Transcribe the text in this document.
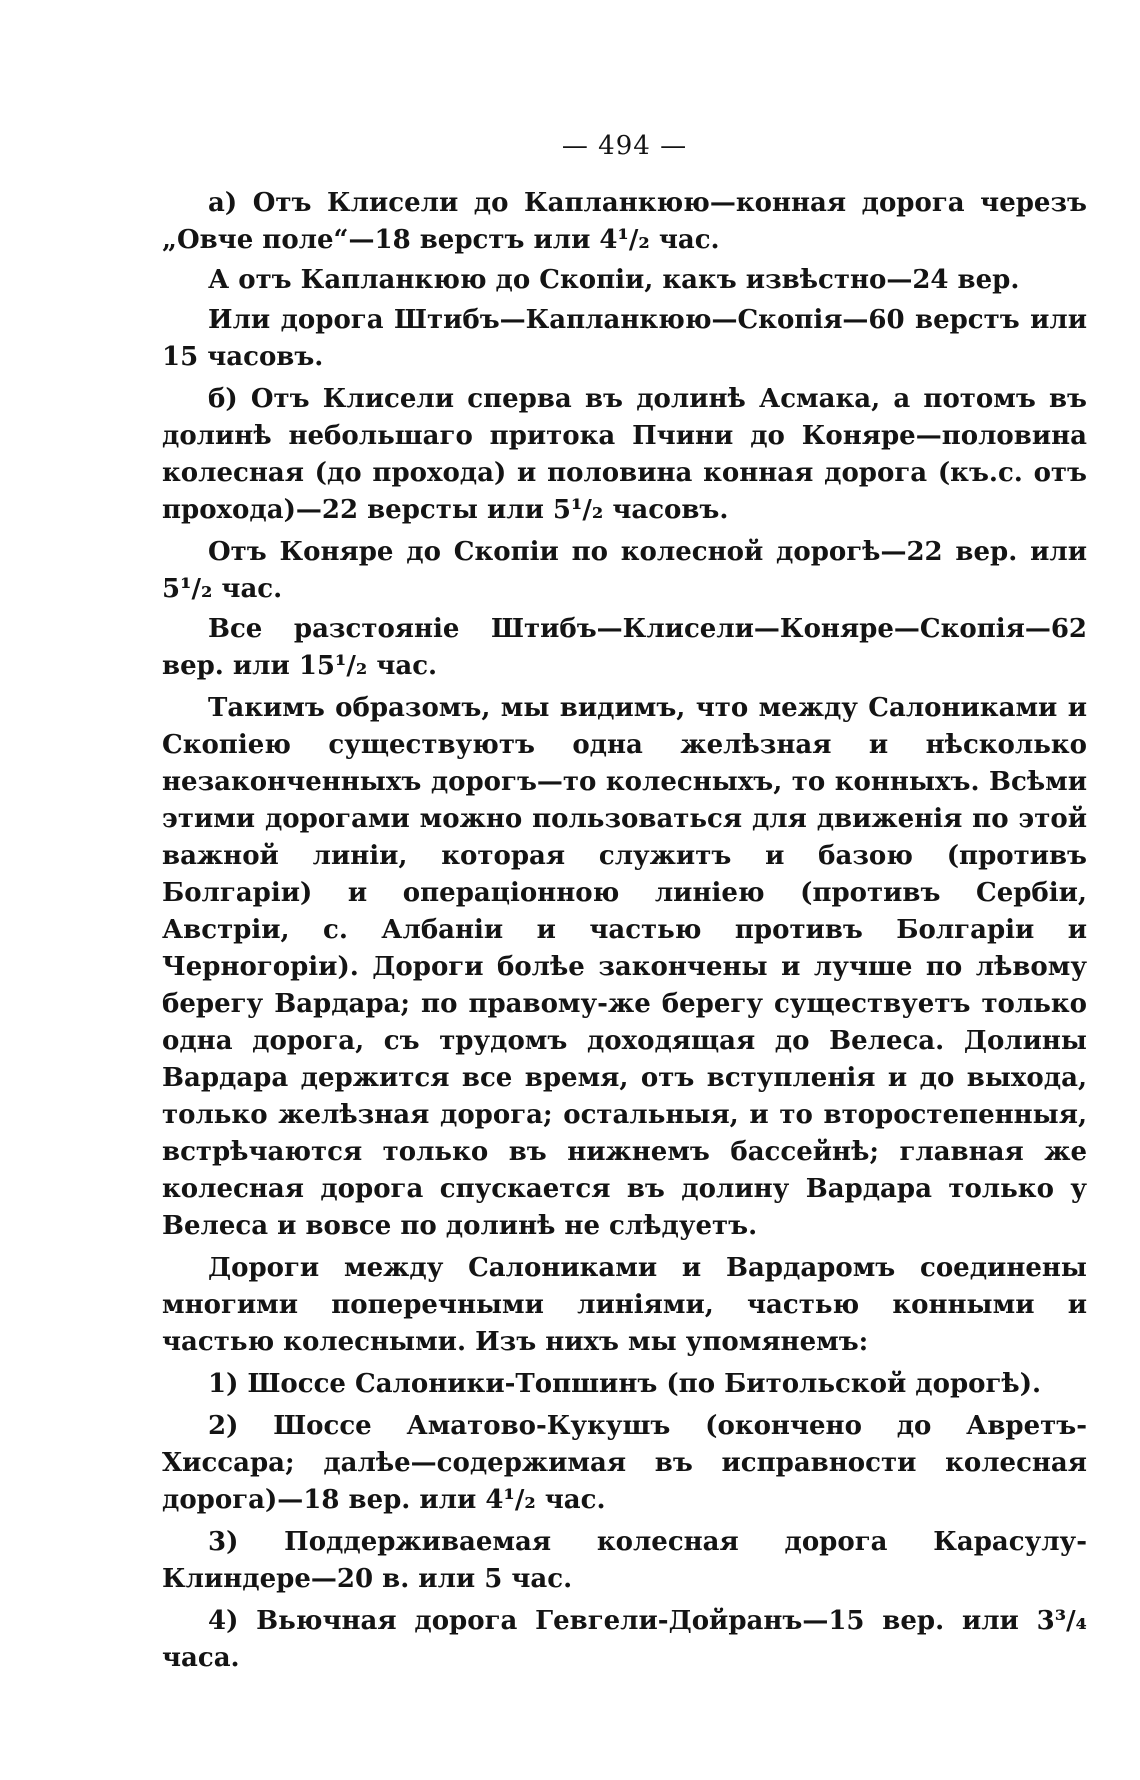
— 494 —

а) Отъ Клисели до Капланкюю—конная дорога черезъ „Овче поле“—18 верстъ или 4¹/₂ час.

А отъ Капланкюю до Скопіи, какъ извѣстно—24 вер.

Или дорога Штибъ—Капланкюю—Скопія—60 верстъ или 15 часовъ.

б) Отъ Клисели сперва въ долинѣ Асмака, а потомъ въ долинѣ небольшаго притока Пчини до Коняре—половина колесная (до прохода) и половина конная дорога (къ.с. отъ прохода)—22 версты или 5¹/₂ часовъ.

Отъ Коняре до Скопіи по колесной дорогѣ—22 вер. или 5¹/₂ час.

Все разстояніе Штибъ—Клисели—Коняре—Скопія—62 вер. или 15¹/₂ час.

Такимъ образомъ, мы видимъ, что между Салониками и Скопіею существуютъ одна желѣзная и нѣсколько незаконченныхъ дорогъ—то колесныхъ, то конныхъ. Всѣми этими дорогами можно пользоваться для движенія по этой важной линіи, которая служитъ и базою (противъ Болгаріи) и операціонною линіею (противъ Сербіи, Австріи, с. Албаніи и частью противъ Болгаріи и Черногоріи). Дороги болѣе закончены и лучше по лѣвому берегу Вардара; по правому-же берегу существуетъ только одна дорога, съ трудомъ доходящая до Велеса. Долины Вардара держится все время, отъ вступленія и до выхода, только желѣзная дорога; остальныя, и то второстепенныя, встрѣчаются только въ нижнемъ бассейнѣ; главная же колесная дорога спускается въ долину Вардара только у Велеса и вовсе по долинѣ не слѣдуетъ.

Дороги между Салониками и Вардаромъ соединены многими поперечными линіями, частью конными и частью колесными. Изъ нихъ мы упомянемъ:

1) Шоссе Салоники-Топшинъ (по Битольской дорогѣ).

2) Шоссе Аматово-Кукушъ (окончено до Авретъ-Хиссара; далѣе—содержимая въ исправности колесная дорога)—18 вер. или 4¹/₂ час.

3) Поддерживаемая колесная дорога Карасулу-Клиндере—20 в. или 5 час.

4) Вьючная дорога Гевгели-Дойранъ—15 вер. или 3³/₄ часа.
